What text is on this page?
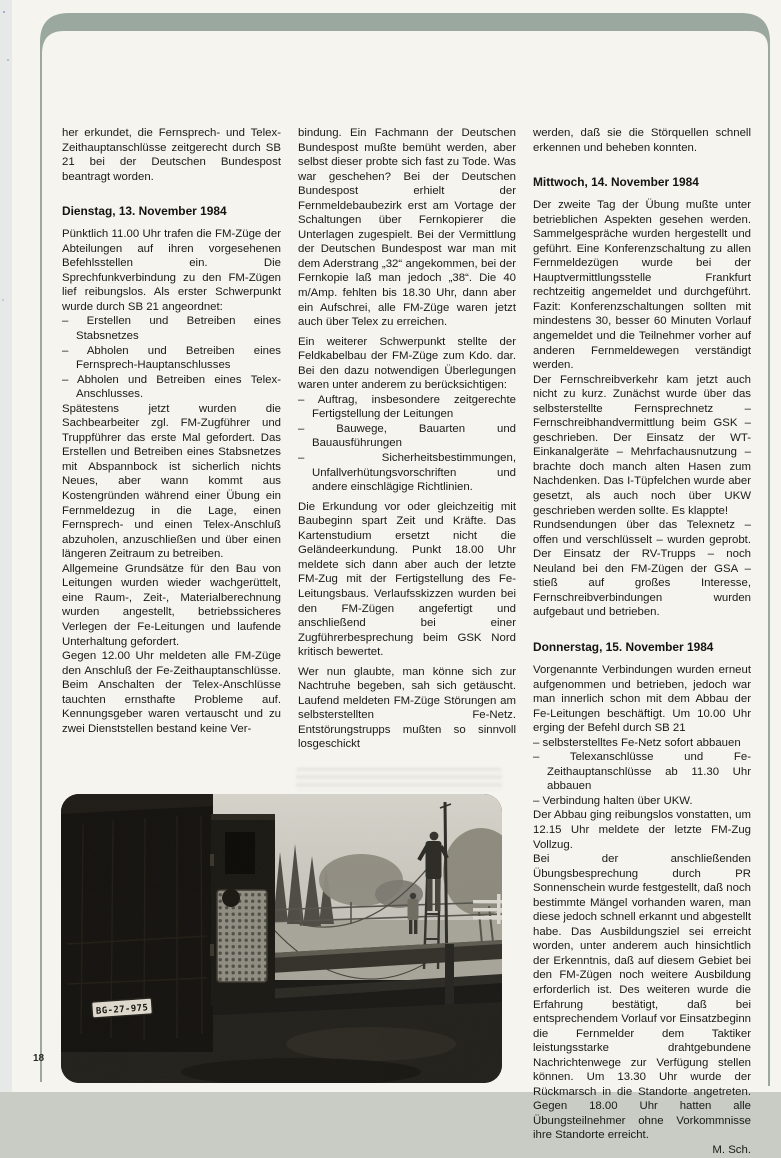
her erkundet, die Fernsprech- und Telex-Zeithauptanschlüsse zeitgerecht durch SB 21 bei der Deutschen Bundespost beantragt worden.

Dienstag, 13. November 1984

Pünktlich 11.00 Uhr trafen die FM-Züge der Abteilungen auf ihren vorgesehenen Befehlsstellen ein. Die Sprechfunkverbindung zu den FM-Zügen lief reibungslos. Als erster Schwerpunkt wurde durch SB 21 angeordnet:

– Erstellen und Betreiben eines Stabsnetzes
– Abholen und Betreiben eines Fernsprech-Hauptanschlusses
– Abholen und Betreiben eines Telex-Anschlusses.

Spätestens jetzt wurden die Sachbearbeiter zgl. FM-Zugführer und Truppführer das erste Mal gefordert. Das Erstellen und Betreiben eines Stabsnetzes mit Abspannbock ist sicherlich nichts Neues, aber wann kommt aus Kostengründen während einer Übung ein Fernmeldezug in die Lage, einen Fernsprech- und einen Telex-Anschluß abzuholen, anzuschließen und über einen längeren Zeitraum zu betreiben.

Allgemeine Grundsätze für den Bau von Leitungen wurden wieder wachgerüttelt, eine Raum-, Zeit-, Materialberechnung wurden angestellt, betriebssicheres Verlegen der Fe-Leitungen und laufende Unterhaltung gefordert.

Gegen 12.00 Uhr meldeten alle FM-Züge den Anschluß der Fe-Zeithauptanschlüsse. Beim Anschalten der Telex-Anschlüsse tauchten ernsthafte Probleme auf. Kennungsgeber waren vertauscht und zu zwei Dienststellen bestand keine Ver-

bindung. Ein Fachmann der Deutschen Bundespost mußte bemüht werden, aber selbst dieser probte sich fast zu Tode. Was war geschehen? Bei der Deutschen Bundespost erhielt der Fernmeldebaubezirk erst am Vortage der Schaltungen über Fernkopierer die Unterlagen zugespielt. Bei der Vermittlung der Deutschen Bundespost war man mit dem Aderstrang „32“ angekommen, bei der Fernkopie laß man jedoch „38“. Die 40 m/Amp. fehlten bis 18.30 Uhr, dann aber ein Aufschrei, alle FM-Züge waren jetzt auch über Telex zu erreichen.

Ein weiterer Schwerpunkt stellte der Feldkabelbau der FM-Züge zum Kdo. dar. Bei den dazu notwendigen Überlegungen waren unter anderem zu berücksichtigen:

– Auftrag, insbesondere zeitgerechte Fertigstellung der Leitungen
– Bauwege, Bauarten und Bauausführungen
– Sicherheitsbestimmungen, Unfallverhütungsvorschriften und andere einschlägige Richtlinien.

Die Erkundung vor oder gleichzeitig mit Baubeginn spart Zeit und Kräfte. Das Kartenstudium ersetzt nicht die Geländeerkundung. Punkt 18.00 Uhr meldete sich dann aber auch der letzte FM-Zug mit der Fertigstellung des Fe-Leitungsbaus. Verlaufsskizzen wurden bei den FM-Zügen angefertigt und anschließend bei einer Zugführerbesprechung beim GSK Nord kritisch bewertet.

Wer nun glaubte, man könne sich zur Nachtruhe begeben, sah sich getäuscht. Laufend meldeten FM-Züge Störungen am selbsterstellten Fe-Netz. Entstörungstrupps mußten so sinnvoll losgeschickt

werden, daß sie die Störquellen schnell erkennen und beheben konnten.

Mittwoch, 14. November 1984

Der zweite Tag der Übung mußte unter betrieblichen Aspekten gesehen werden. Sammelgespräche wurden hergestellt und geführt. Eine Konferenzschaltung zu allen Fernmeldezügen wurde bei der Hauptvermittlungsstelle Frankfurt rechtzeitig angemeldet und durchgeführt. Fazit: Konferenzschaltungen sollten mit mindestens 30, besser 60 Minuten Vorlauf angemeldet und die Teilnehmer vorher auf anderen Fernmeldewegen verständigt werden.

Der Fernschreibverkehr kam jetzt auch nicht zu kurz. Zunächst wurde über das selbsterstellte Fernsprechnetz – Fernschreibhandvermittlung beim GSK – geschrieben. Der Einsatz der WT-Einkanalgeräte – Mehrfachausnutzung – brachte doch manch alten Hasen zum Nachdenken. Das I-Tüpfelchen wurde aber gesetzt, als auch noch über UKW geschrieben werden sollte. Es klappte!

Rundsendungen über das Telexnetz – offen und verschlüsselt – wurden geprobt. Der Einsatz der RV-Trupps – noch Neuland bei den FM-Zügen der GSA – stieß auf großes Interesse, Fernschreibverbindungen wurden aufgebaut und betrieben.

Donnerstag, 15. November 1984

Vorgenannte Verbindungen wurden erneut aufgenommen und betrieben, jedoch war man innerlich schon mit dem Abbau der Fe-Leitungen beschäftigt. Um 10.00 Uhr erging der Befehl durch SB 21

– selbsterstelltes Fe-Netz sofort abbauen
– Telexanschlüsse und Fe-Zeithauptanschlüsse ab 11.30 Uhr abbauen
– Verbindung halten über UKW.

Der Abbau ging reibungslos vonstatten, um 12.15 Uhr meldete der letzte FM-Zug Vollzug.

Bei der anschließenden Übungsbesprechung durch PR Sonnenschein wurde festgestellt, daß noch bestimmte Mängel vorhanden waren, man diese jedoch schnell erkannt und abgestellt habe. Das Ausbildungsziel sei erreicht worden, unter anderem auch hinsichtlich der Erkenntnis, daß auf diesem Gebiet bei den FM-Zügen noch weitere Ausbildung erforderlich ist. Des weiteren wurde die Erfahrung bestätigt, daß bei entsprechendem Vorlauf vor Einsatzbeginn die Fernmelder dem Taktiker leistungsstarke drahtgebundene Nachrichtenwege zur Verfügung stellen können. Um 13.30 Uhr wurde der Rückmarsch in die Standorte angetreten. Gegen 18.00 Uhr hatten alle Übungsteilnehmer ohne Vorkommnisse ihre Standorte erreicht.

M. Sch.

BG-27-975
18
